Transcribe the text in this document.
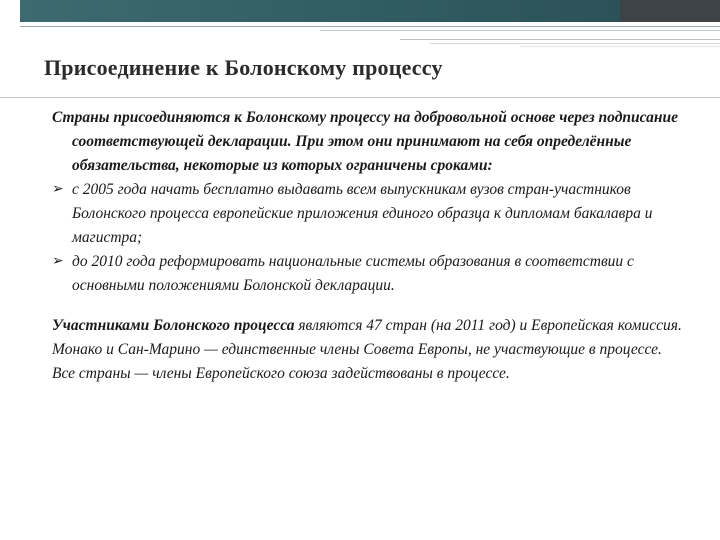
Присоединение к Болонскому процессу

Страны присоединяются к Болонскому процессу на добровольной основе через подписание соответствующей декларации. При этом они принимают на себя определённые обязательства, некоторые из которых ограничены сроками:

➢ с 2005 года начать бесплатно выдавать всем выпускникам вузов стран-участников Болонского процесса европейские приложения единого образца к дипломам бакалавра и магистра;
➢ до 2010 года реформировать национальные системы образования в соответствии с основными положениями Болонской декларации.

Участниками Болонского процесса являются 47 стран (на 2011 год) и Европейская комиссия.

Монако и Сан-Марино — единственные члены Совета Европы, не участвующие в процессе.

Все страны — члены Европейского союза задействованы в процессе.
